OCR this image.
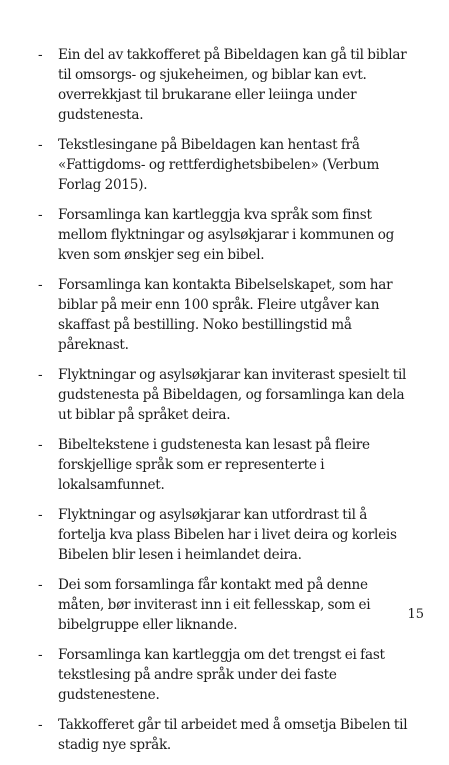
- Ein del av takkofferet på Bibeldagen kan gå til biblar til omsorgs- og sjukeheimen, og biblar kan evt. overrekkjast til brukarane eller leiinga under gudstenesta.
- Tekstlesingane på Bibeldagen kan hentast frå «Fattigdoms- og rettferdighetsbibelen» (Verbum Forlag 2015).
- Forsamlinga kan kartleggja kva språk som finst mellom flyktningar og asylsøkjarar i kommunen og kven som ønskjer seg ein bibel.
- Forsamlinga kan kontakta Bibelselskapet, som har biblar på meir enn 100 språk. Fleire utgåver kan skaffast på bestilling. Noko bestillingstid må påreknast.
- Flyktningar og asylsøkjarar kan inviterast spesielt til gudstenesta på Bibeldagen, og forsamlinga kan dela ut biblar på språket deira.
- Bibeltekstene i gudstenesta kan lesast på fleire forskjellige språk som er representerte i lokalsamfunnet.
- Flyktningar og asylsøkjarar kan utfordrast til å fortelja kva plass Bibelen har i livet deira og korleis Bibelen blir lesen i heimlandet deira.
- Dei som forsamlinga får kontakt med på denne måten, bør inviterast inn i eit fellesskap, som ei bibelgruppe eller liknande.
- Forsamlinga kan kartleggja om det trengst ei fast tekstlesing på andre språk under dei faste gudstenestene.
- Takkofferet går til arbeidet med å omsetja Bibelen til stadig nye språk.
15
